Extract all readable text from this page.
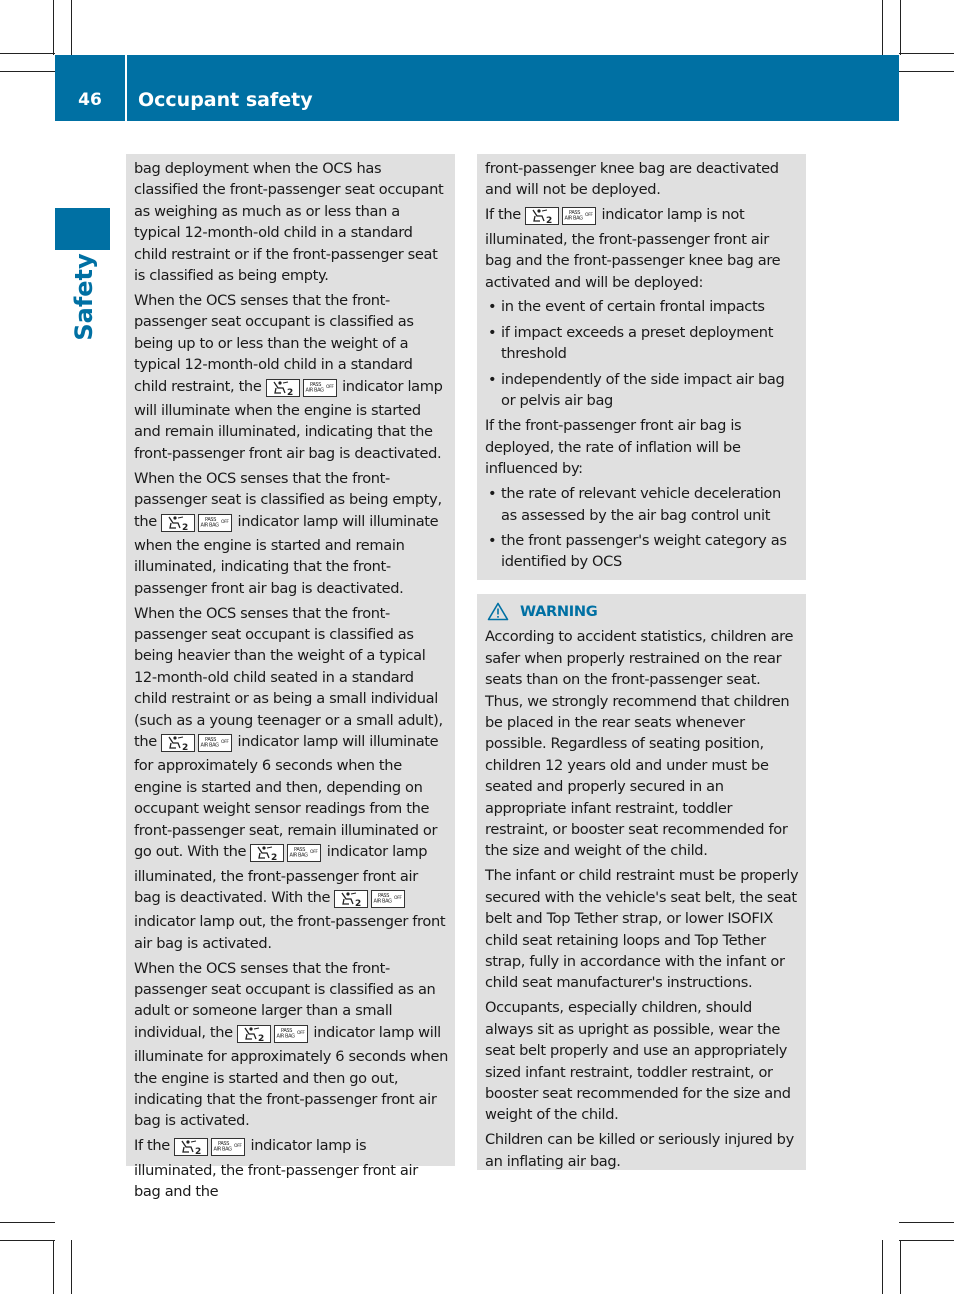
46	Occupant safety
Safety

bag deployment when the OCS has classified the front-passenger seat occupant as weighing as much as or less than a typical 12-month-old child in a standard child restraint or if the front-passenger seat is classified as being empty.

When the OCS senses that the front-passenger seat occupant is classified as being up to or less than the weight of a typical 12-month-old child in a standard child restraint, the	2
PASS
AIR BAG OFF indicator lamp will illuminate when the engine is started and remain illuminated, indicating that the front-passenger front air bag is deactivated.

When the OCS senses that the front-passenger seat is classified as being empty, the	2
PASS
AIR BAG OFF indicator lamp will illuminate when the engine is started and remain illuminated, indicating that the front-passenger front air bag is deactivated.

When the OCS senses that the front-passenger seat occupant is classified as being heavier than the weight of a typical 12-month-old child seated in a standard child restraint or as being a small individual (such as a young teenager or a small adult), the	2
PASS
AIR BAG OFF indicator lamp will illuminate for approximately 6 seconds when the engine is started and then, depending on occupant weight sensor readings from the front-passenger seat, remain illuminated or go out. With the	2
PASS
AIR BAG OFF indicator lamp illuminated, the front-passenger front air bag is deactivated. With the	2
PASS
AIR BAG OFF
indicator lamp out, the front-passenger front air bag is activated.

When the OCS senses that the front-passenger seat occupant is classified as an adult or someone larger than a small individual, the	2
PASS
AIR BAG OFF indicator lamp will illuminate for approximately 6 seconds when the engine is started and then go out, indicating that the front-passenger front air bag is activated.

If the	2
PASS
AIR BAG OFF indicator lamp is illuminated, the front-passenger front air bag and the

front-passenger knee bag are deactivated and will not be deployed.

If the	2
PASS
AIR BAG OFF indicator lamp is not illuminated, the front-passenger front air bag and the front-passenger knee bag are activated and will be deployed:

• in the event of certain frontal impacts
• if impact exceeds a preset deployment threshold
• independently of the side impact air bag or pelvis air bag

If the front-passenger front air bag is deployed, the rate of inflation will be influenced by:

• the rate of relevant vehicle deceleration as assessed by the air bag control unit
• the front passenger's weight category as identified by OCS
WARNING

According to accident statistics, children are safer when properly restrained on the rear seats than on the front-passenger seat. Thus, we strongly recommend that children be placed in the rear seats whenever possible. Regardless of seating position, children 12 years old and under must be seated and properly secured in an appropriate infant restraint, toddler restraint, or booster seat recommended for the size and weight of the child.

The infant or child restraint must be properly secured with the vehicle's seat belt, the seat belt and Top Tether strap, or lower ISOFIX child seat retaining loops and Top Tether strap, fully in accordance with the infant or child seat manufacturer's instructions.

Occupants, especially children, should always sit as upright as possible, wear the seat belt properly and use an appropriately sized infant restraint, toddler restraint, or booster seat recommended for the size and weight of the child.

Children can be killed or seriously injured by an inflating air bag.
